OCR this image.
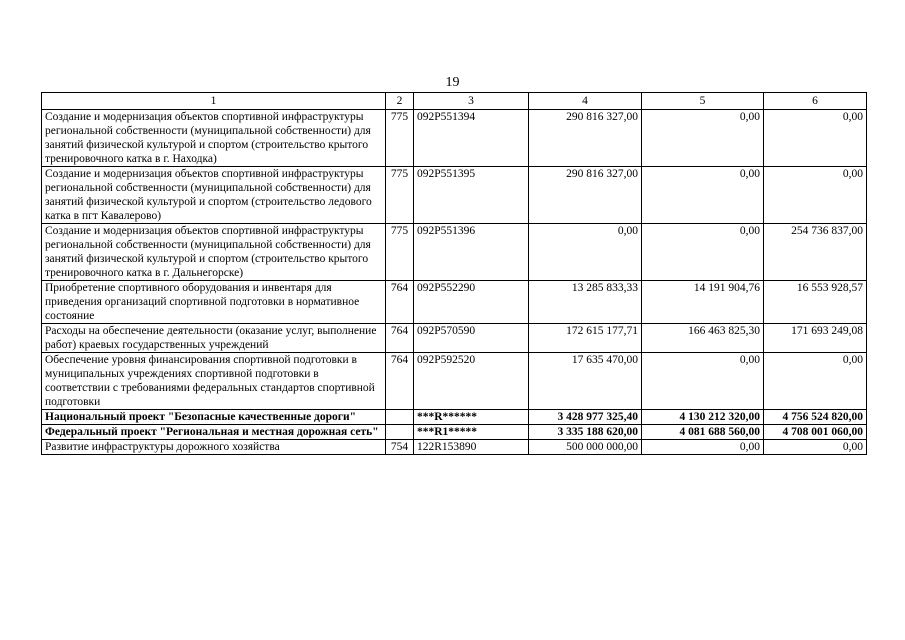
19
1	2	3	4	5	6
Создание и модернизация объектов спортивной инфраструктуры региональной собственности (муниципальной собственности) для занятий физической культурой и спортом (строительство крытого тренировочного катка в г. Находка)	775	092P551394	290 816 327,00	0,00	0,00
Создание и модернизация объектов спортивной инфраструктуры региональной собственности (муниципальной собственности) для занятий физической культурой и спортом (строительство ледового катка в пгт Кавалерово)	775	092P551395	290 816 327,00	0,00	0,00
Создание и модернизация объектов спортивной инфраструктуры региональной собственности (муниципальной собственности) для занятий физической культурой и спортом (строительство крытого тренировочного катка в г. Дальнегорске)	775	092P551396	0,00	0,00	254 736 837,00
Приобретение спортивного оборудования и инвентаря для приведения организаций спортивной подготовки в нормативное состояние	764	092P552290	13 285 833,33	14 191 904,76	16 553 928,57
Расходы на обеспечение деятельности (оказание услуг, выполнение работ) краевых государственных учреждений	764	092P570590	172 615 177,71	166 463 825,30	171 693 249,08
Обеспечение уровня финансирования спортивной подготовки в муниципальных учреждениях спортивной подготовки в соответствии с требованиями федеральных стандартов спортивной подготовки	764	092P592520	17 635 470,00	0,00	0,00
Национальный проект "Безопасные качественные дороги"		***R******	3 428 977 325,40	4 130 212 320,00	4 756 524 820,00
Федеральный проект "Региональная и местная дорожная сеть"		***R1*****	3 335 188 620,00	4 081 688 560,00	4 708 001 060,00
Развитие инфраструктуры дорожного хозяйства	754	122R153890	500 000 000,00	0,00	0,00
